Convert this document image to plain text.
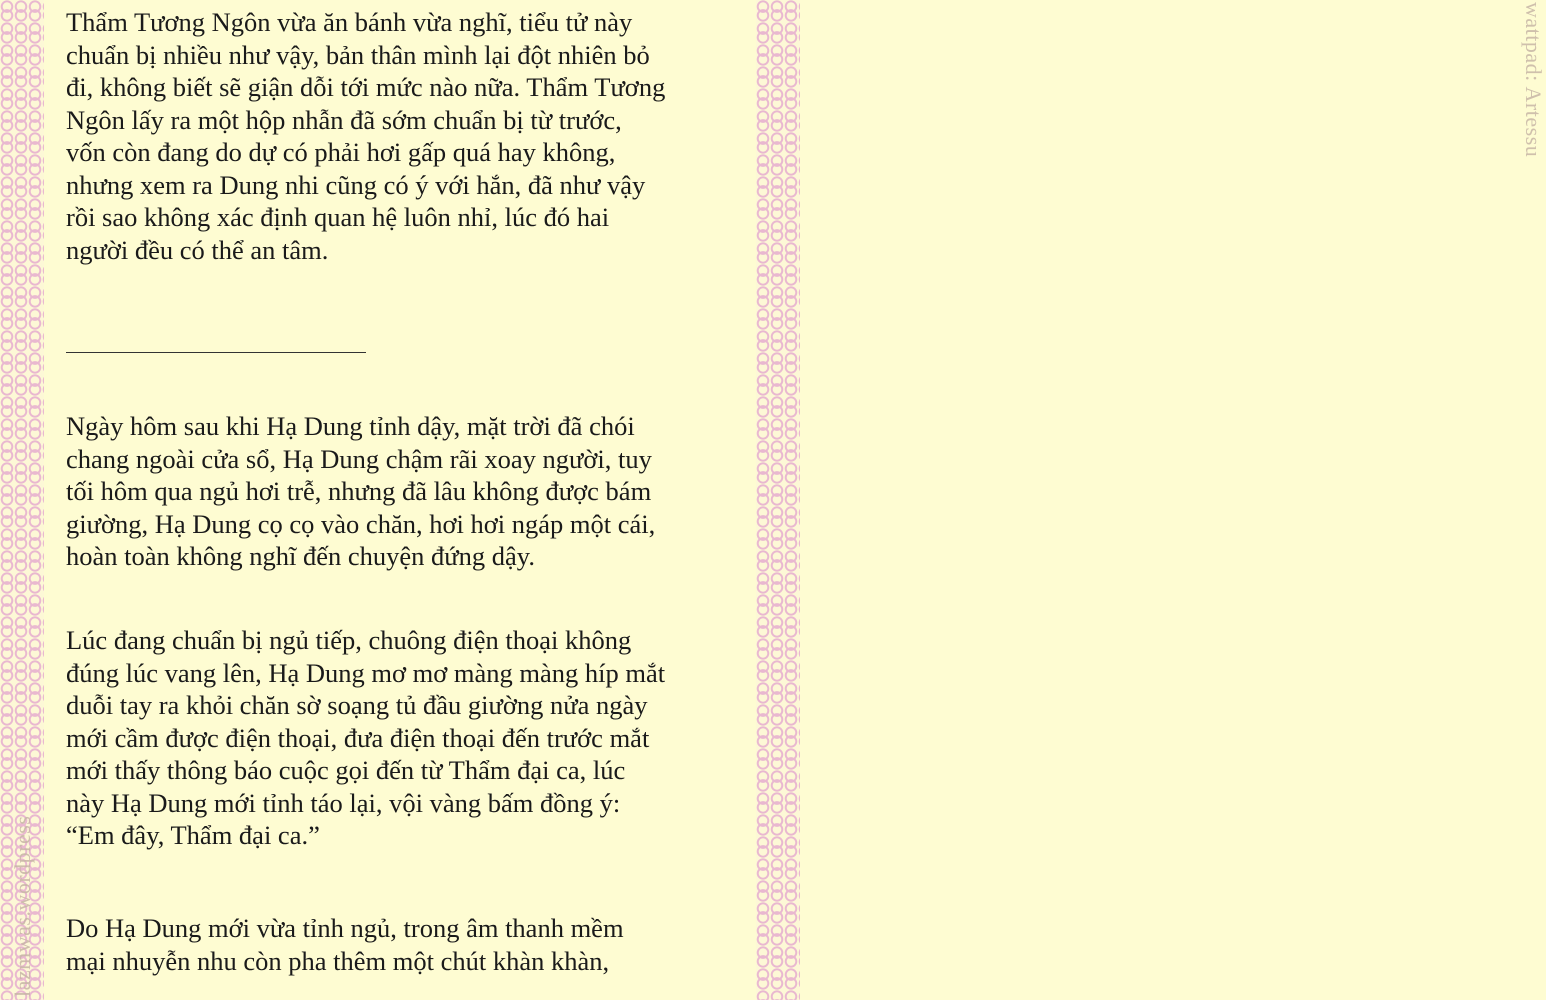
lazmwas.wordpress
wattpad: Artessu

Thẩm Tương Ngôn vừa ăn bánh vừa nghĩ, tiểu tử này
chuẩn bị nhiều như vậy, bản thân mình lại đột nhiên bỏ
đi, không biết sẽ giận dỗi tới mức nào nữa. Thẩm Tương
Ngôn lấy ra một hộp nhẫn đã sớm chuẩn bị từ trước,
vốn còn đang do dự có phải hơi gấp quá hay không,
nhưng xem ra Dung nhi cũng có ý với hắn, đã như vậy
rồi sao không xác định quan hệ luôn nhỉ, lúc đó hai
người đều có thể an tâm.

Ngày hôm sau khi Hạ Dung tỉnh dậy, mặt trời đã chói
chang ngoài cửa sổ, Hạ Dung chậm rãi xoay người, tuy
tối hôm qua ngủ hơi trễ, nhưng đã lâu không được bám
giường, Hạ Dung cọ cọ vào chăn, hơi hơi ngáp một cái,
hoàn toàn không nghĩ đến chuyện đứng dậy.

Lúc đang chuẩn bị ngủ tiếp, chuông điện thoại không
đúng lúc vang lên, Hạ Dung mơ mơ màng màng híp mắt
duỗi tay ra khỏi chăn sờ soạng tủ đầu giường nửa ngày
mới cầm được điện thoại, đưa điện thoại đến trước mắt
mới thấy thông báo cuộc gọi đến từ Thẩm đại ca, lúc
này Hạ Dung mới tỉnh táo lại, vội vàng bấm đồng ý:
“Em đây, Thẩm đại ca.”

Do Hạ Dung mới vừa tỉnh ngủ, trong âm thanh mềm
mại nhuyễn nhu còn pha thêm một chút khàn khàn,
